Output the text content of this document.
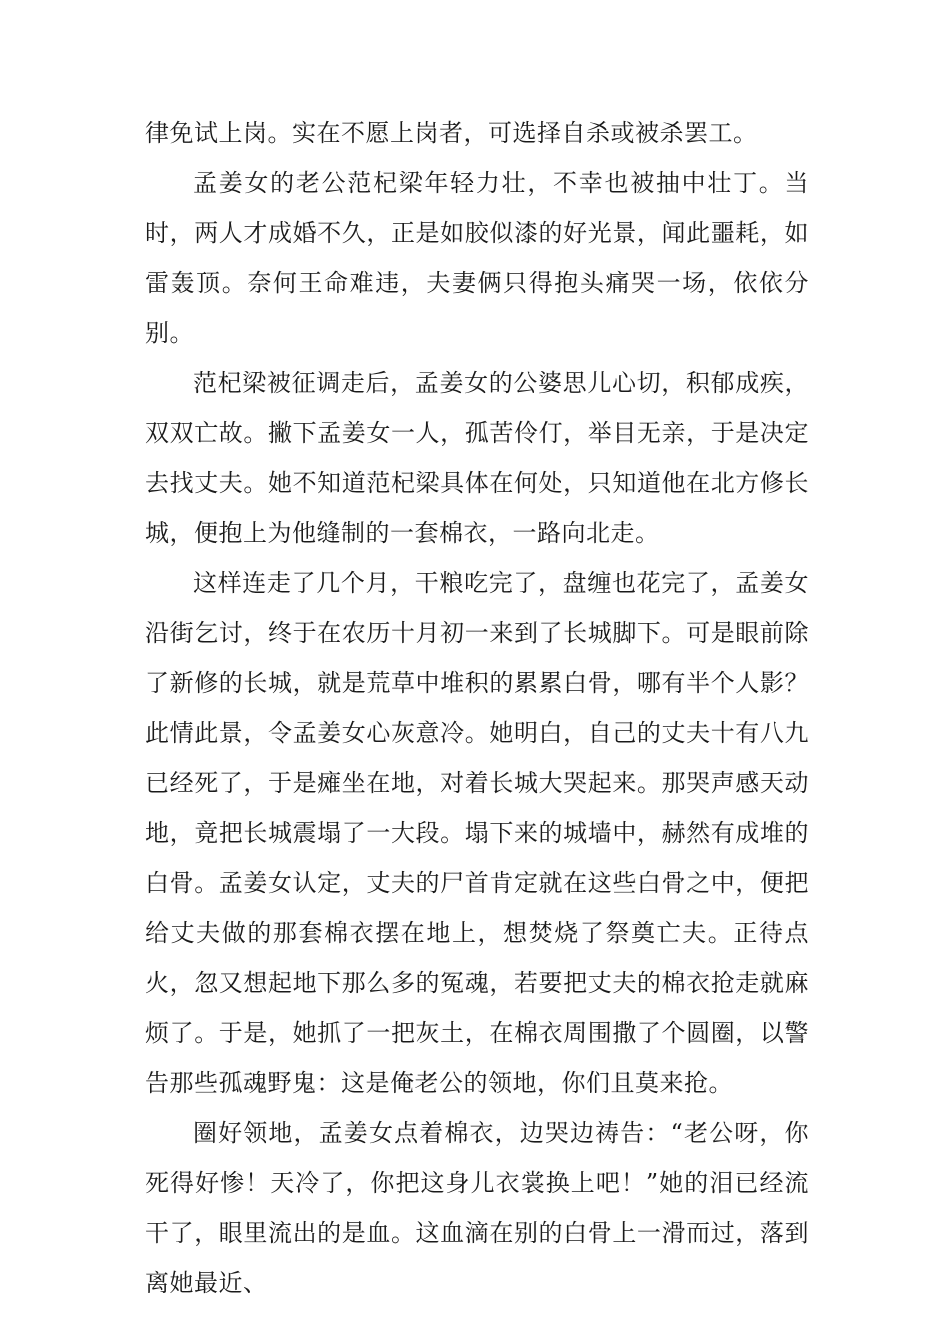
律免试上岗。实在不愿上岗者，可选择自杀或被杀罢工。

孟姜女的老公范杞梁年轻力壮，不幸也被抽中壮丁。当时，两人才成婚不久，正是如胶似漆的好光景，闻此噩耗，如雷轰顶。奈何王命难违，夫妻俩只得抱头痛哭一场，依依分别。

范杞梁被征调走后，孟姜女的公婆思儿心切，积郁成疾，双双亡故。撇下孟姜女一人，孤苦伶仃，举目无亲，于是决定去找丈夫。她不知道范杞梁具体在何处，只知道他在北方修长城，便抱上为他缝制的一套棉衣，一路向北走。

这样连走了几个月，干粮吃完了，盘缠也花完了，孟姜女沿街乞讨，终于在农历十月初一来到了长城脚下。可是眼前除了新修的长城，就是荒草中堆积的累累白骨，哪有半个人影？此情此景，令孟姜女心灰意冷。她明白，自己的丈夫十有八九已经死了，于是瘫坐在地，对着长城大哭起来。那哭声感天动地，竟把长城震塌了一大段。塌下来的城墙中，赫然有成堆的白骨。孟姜女认定，丈夫的尸首肯定就在这些白骨之中，便把给丈夫做的那套棉衣摆在地上，想焚烧了祭奠亡夫。正待点火，忽又想起地下那么多的冤魂，若要把丈夫的棉衣抢走就麻烦了。于是，她抓了一把灰土，在棉衣周围撒了个圆圈，以警告那些孤魂野鬼：这是俺老公的领地，你们且莫来抢。

圈好领地，孟姜女点着棉衣，边哭边祷告：“老公呀，你死得好惨！天冷了，你把这身儿衣裳换上吧！”她的泪已经流干了，眼里流出的是血。这血滴在别的白骨上一滑而过，落到离她最近、
